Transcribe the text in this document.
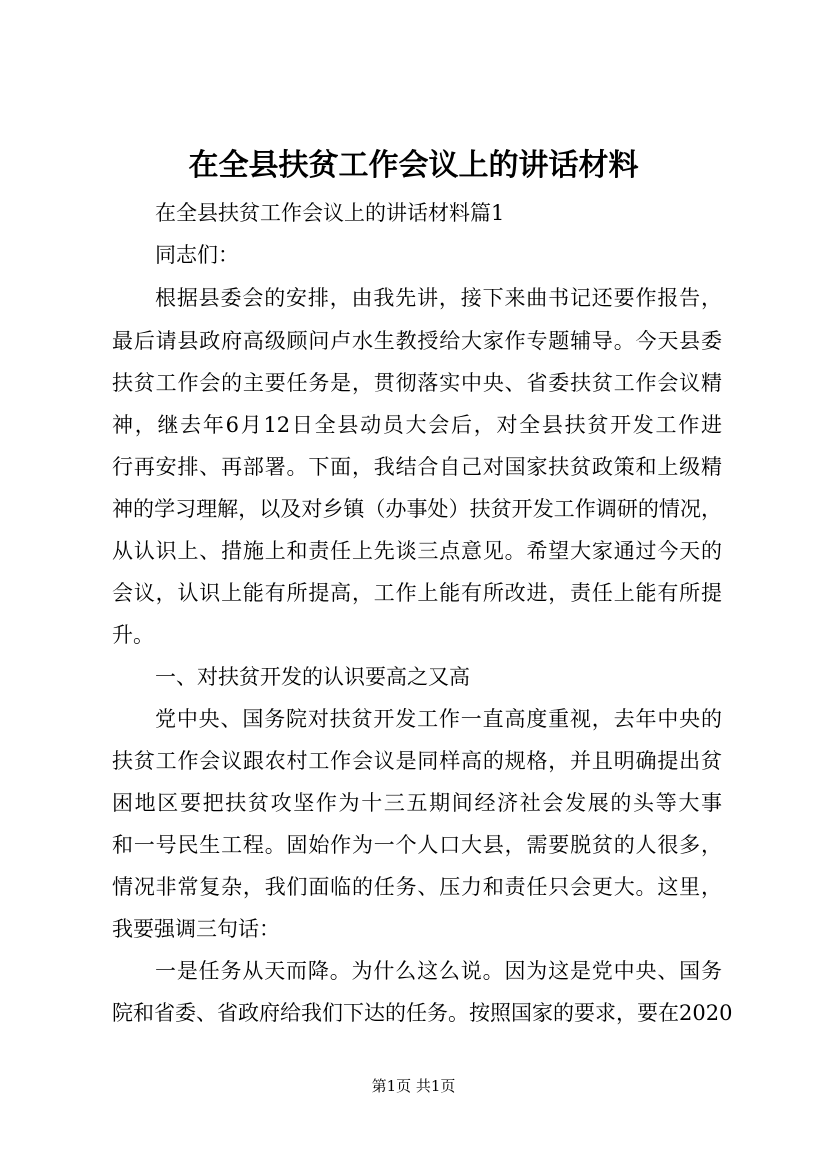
在全县扶贫工作会议上的讲话材料
在全县扶贫工作会议上的讲话材料篇1
同志们：
根据县委会的安排，由我先讲，接下来曲书记还要作报告，
最后请县政府高级顾问卢水生教授给大家作专题辅导。今天县委
扶贫工作会的主要任务是，贯彻落实中央、省委扶贫工作会议精
神，继去年6月12日全县动员大会后，对全县扶贫开发工作进
行再安排、再部署。下面，我结合自己对国家扶贫政策和上级精
神的学习理解，以及对乡镇（办事处）扶贫开发工作调研的情况，
从认识上、措施上和责任上先谈三点意见。希望大家通过今天的
会议，认识上能有所提高，工作上能有所改进，责任上能有所提
升。
一、对扶贫开发的认识要高之又高
党中央、国务院对扶贫开发工作一直高度重视，去年中央的
扶贫工作会议跟农村工作会议是同样高的规格，并且明确提出贫
困地区要把扶贫攻坚作为十三五期间经济社会发展的头等大事
和一号民生工程。固始作为一个人口大县，需要脱贫的人很多，
情况非常复杂，我们面临的任务、压力和责任只会更大。这里，
我要强调三句话：
一是任务从天而降。为什么这么说。因为这是党中央、国务
院和省委、省政府给我们下达的任务。按照国家的要求，要在2020
第1页 共1页
